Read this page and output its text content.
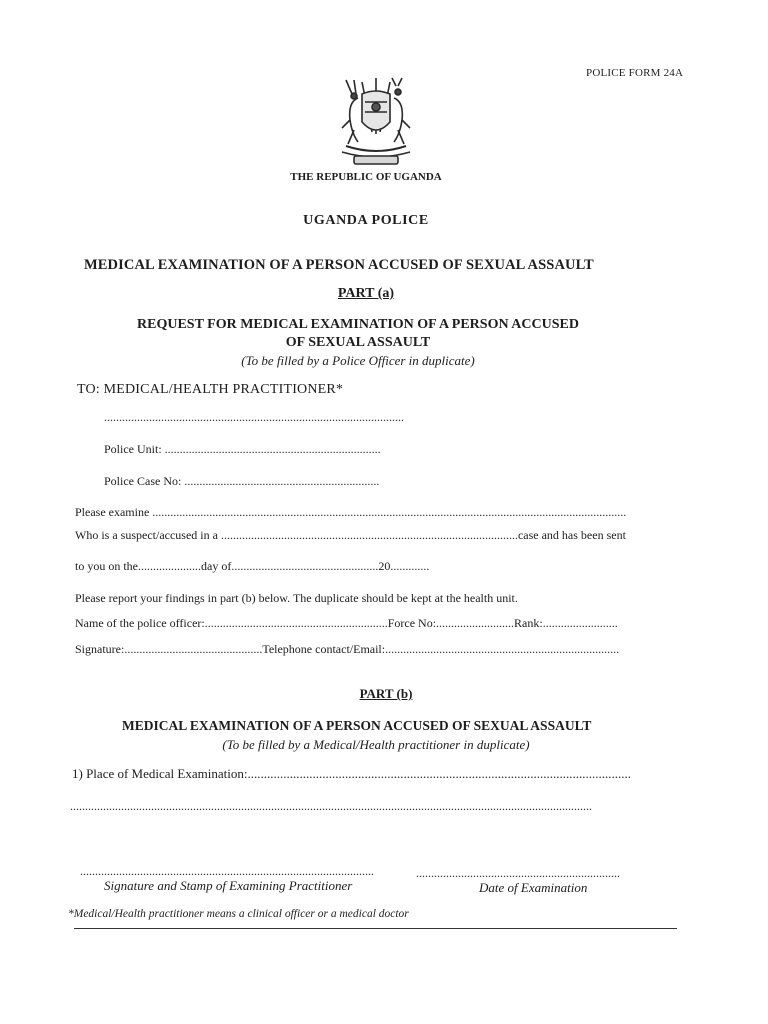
POLICE FORM 24A
THE REPUBLIC OF UGANDA
UGANDA POLICE
MEDICAL EXAMINATION OF A PERSON ACCUSED OF SEXUAL ASSAULT
PART (a)
REQUEST FOR MEDICAL EXAMINATION OF A PERSON ACCUSED
OF SEXUAL ASSAULT
(To be filled by a Police Officer in duplicate)
TO: MEDICAL/HEALTH PRACTITIONER*
....................................................................................................
Police Unit: ........................................................................
Police Case No: .................................................................
Please examine ..............................................................................................................................................................
Who is a suspect/accused in a ...................................................................................................case and has been sent
to you on the.....................day of.................................................20.............
Please report your findings in part (b) below. The duplicate should be kept at the health unit.
Name of the police officer:.............................................................Force No:..........................Rank:.........................
Signature:..............................................Telephone contact/Email:..............................................................................
PART (b)
MEDICAL EXAMINATION OF A PERSON ACCUSED OF SEXUAL ASSAULT
(To be filled by a Medical/Health practitioner in duplicate)
1) Place of Medical Examination:......................................................................................................................
..............................................................................................................................................................................
..................................................................................................	....................................................................
Signature and Stamp of Examining Practitioner	Date of Examination
*Medical/Health practitioner means a clinical officer or a medical doctor
